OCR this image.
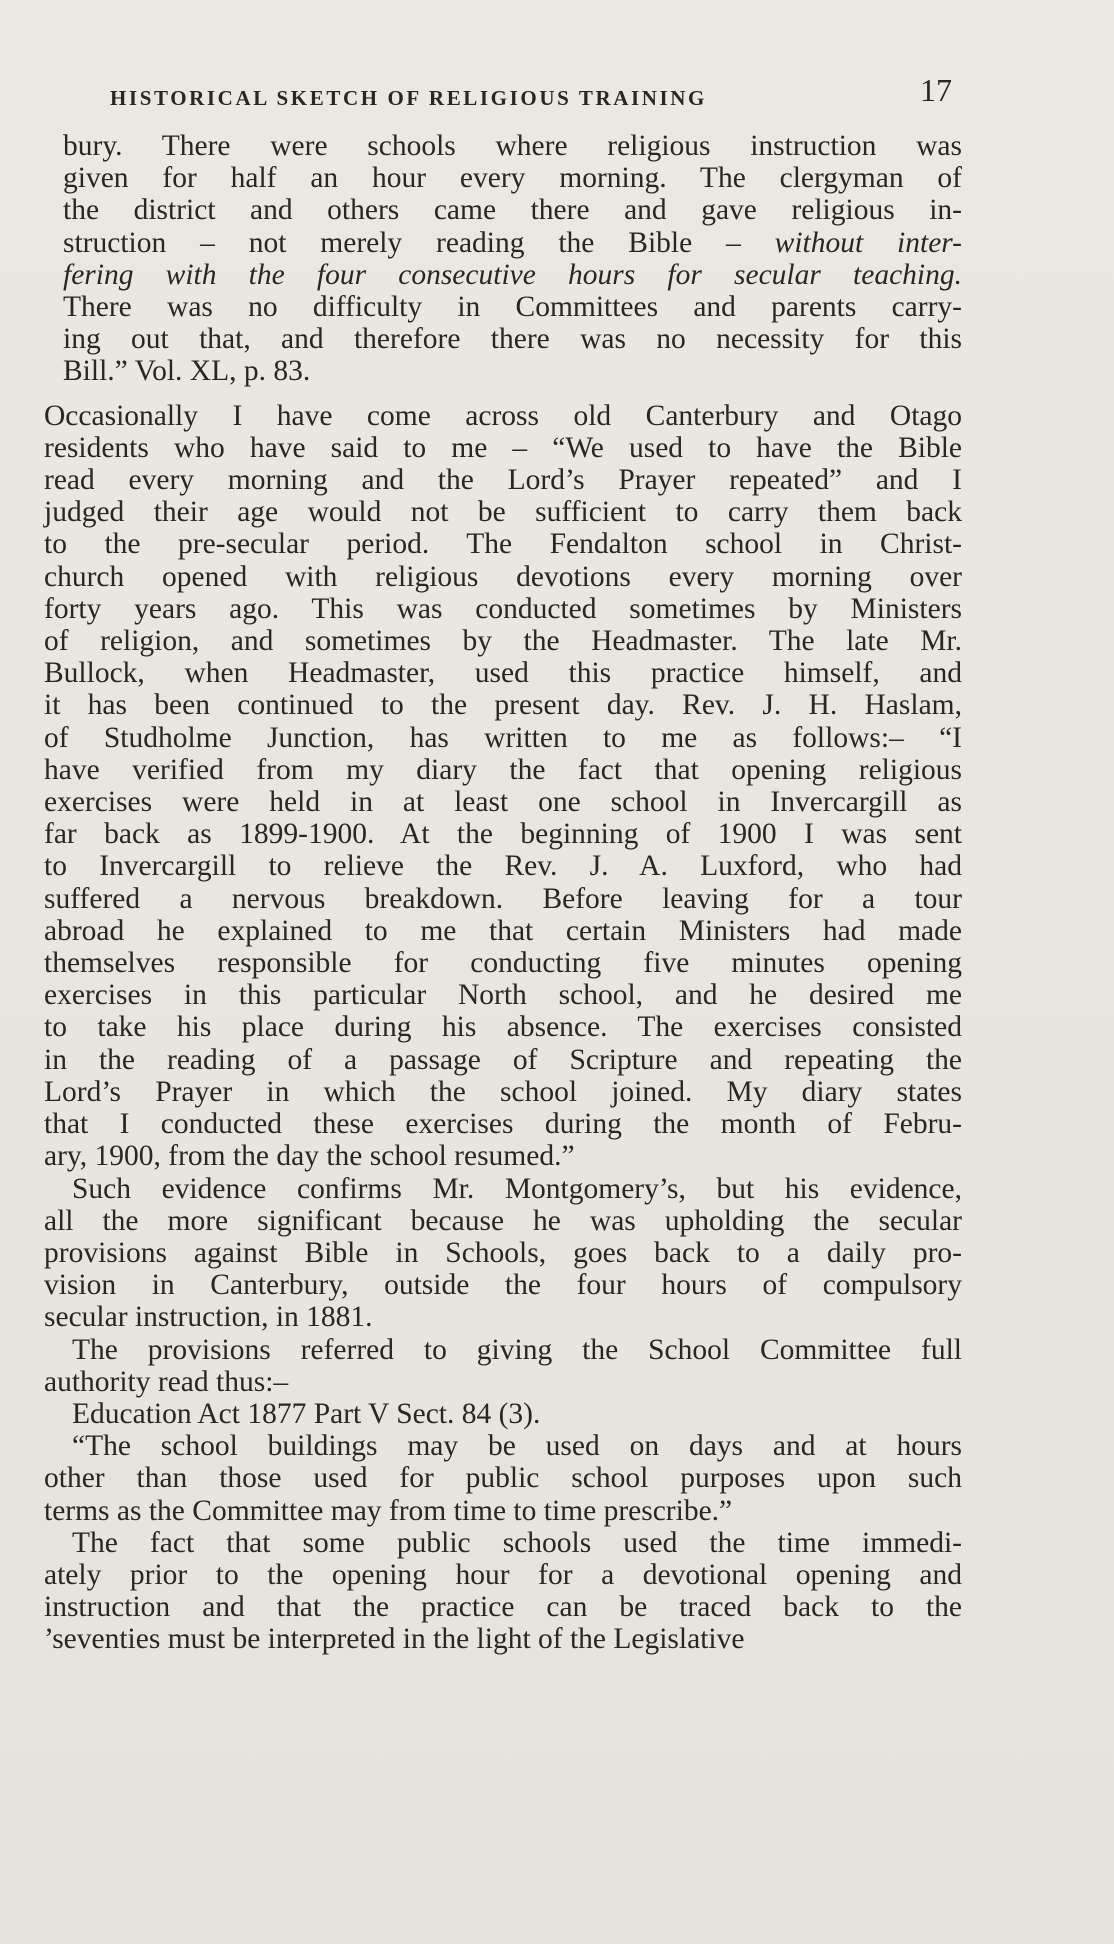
HISTORICAL SKETCH OF RELIGIOUS TRAINING	17
bury. There were schools where religious instruction was
given for half an hour every morning. The clergyman of
the district and others came there and gave religious in-
struction – not merely reading the Bible – without inter-
fering with the four consecutive hours for secular teaching.
There was no difficulty in Committees and parents carry-
ing out that, and therefore there was no necessity for this
Bill.” Vol. XL, p. 83.
Occasionally I have come across old Canterbury and Otago
residents who have said to me – “We used to have the Bible
read every morning and the Lord’s Prayer repeated” and I
judged their age would not be sufficient to carry them back
to the pre-secular period. The Fendalton school in Christ-
church opened with religious devotions every morning over
forty years ago. This was conducted sometimes by Ministers
of religion, and sometimes by the Headmaster. The late Mr.
Bullock, when Headmaster, used this practice himself, and
it has been continued to the present day. Rev. J. H. Haslam,
of Studholme Junction, has written to me as follows:– “I
have verified from my diary the fact that opening religious
exercises were held in at least one school in Invercargill as
far back as 1899-1900. At the beginning of 1900 I was sent
to Invercargill to relieve the Rev. J. A. Luxford, who had
suffered a nervous breakdown. Before leaving for a tour
abroad he explained to me that certain Ministers had made
themselves responsible for conducting five minutes opening
exercises in this particular North school, and he desired me
to take his place during his absence. The exercises consisted
in the reading of a passage of Scripture and repeating the
Lord’s Prayer in which the school joined. My diary states
that I conducted these exercises during the month of Febru-
ary, 1900, from the day the school resumed.”
Such evidence confirms Mr. Montgomery’s, but his evidence,
all the more significant because he was upholding the secular
provisions against Bible in Schools, goes back to a daily pro-
vision in Canterbury, outside the four hours of compulsory
secular instruction, in 1881.
The provisions referred to giving the School Committee full
authority read thus:–
Education Act 1877 Part V Sect. 84 (3).
“The school buildings may be used on days and at hours
other than those used for public school purposes upon such
terms as the Committee may from time to time prescribe.”
The fact that some public schools used the time immedi-
ately prior to the opening hour for a devotional opening and
instruction and that the practice can be traced back to the
’seventies must be interpreted in the light of the Legislative
